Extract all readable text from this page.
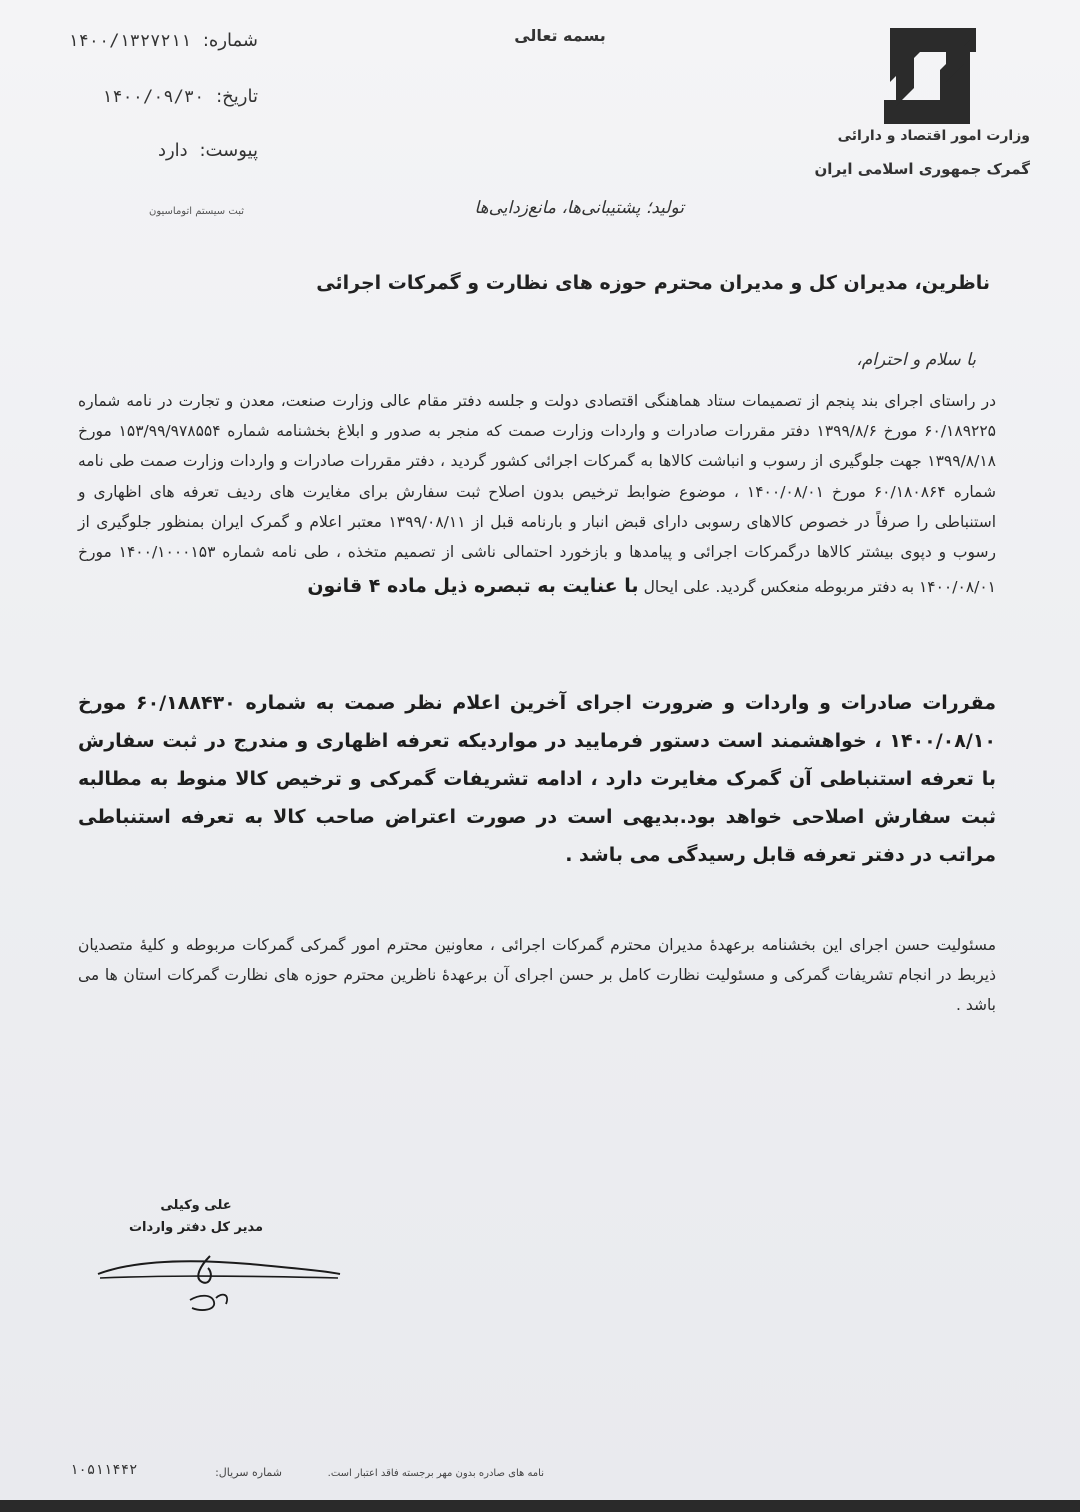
بسمه تعالی
وزارت امور اقتصاد و دارائی
گمرک جمهوری اسلامی ایران
شماره: ۱۴۰۰/۱۳۲۷۲۱۱
تاریخ: ۱۴۰۰/۰۹/۳۰
پیوست: دارد
ثبت سیستم اتوماسیون	تولید؛ پشتیبانی‌ها، مانع‌زدایی‌ها
ناظرین، مدیران کل و مدیران محترم حوزه های نظارت و گمرکات اجرائی
با سلام و احترام،
در راستای اجرای بند پنجم از تصمیمات ستاد هماهنگی اقتصادی دولت و جلسه دفتر مقام عالی وزارت صنعت، معدن و تجارت در نامه شماره ۶۰/۱۸۹۲۲۵ مورخ ۱۳۹۹/۸/۶ دفتر مقررات صادرات و واردات وزارت صمت که منجر به صدور و ابلاغ بخشنامه شماره ۱۵۳/۹۹/۹۷۸۵۵۴ مورخ ۱۳۹۹/۸/۱۸ جهت جلوگیری از رسوب و انباشت کالاها به گمرکات اجرائی کشور گردید ، دفتر مقررات صادرات و واردات وزارت صمت طی نامه شماره ۶۰/۱۸۰۸۶۴ مورخ ۱۴۰۰/۰۸/۰۱ ، موضوع ضوابط ترخیص بدون اصلاح ثبت سفارش برای مغایرت های ردیف تعرفه های اظهاری و استنباطی را صرفاً در خصوص کالاهای رسوبی دارای قبض انبار و بارنامه قبل از ۱۳۹۹/۰۸/۱۱ معتبر اعلام و گمرک ایران بمنظور جلوگیری از رسوب و دپوی بیشتر کالاها درگمرکات اجرائی و پیامدها و بازخورد احتمالی ناشی از تصمیم متخذه ، طی نامه شماره ۱۴۰۰/۱۰۰۰۱۵۳ مورخ ۱۴۰۰/۰۸/۰۱ به دفتر مربوطه منعکس گردید. علی ایحال با عنایت به تبصره ذیل ماده ۴ قانون
مقررات صادرات و واردات و ضرورت اجرای آخرین اعلام نظر صمت به شماره ۶۰/۱۸۸۴۳۰ مورخ ۱۴۰۰/۰۸/۱۰ ، خواهشمند است دستور فرمایید در مواردیکه تعرفه اظهاری و مندرج در ثبت سفارش با تعرفه استنباطی آن گمرک مغایرت دارد ، ادامه تشریفات گمرکی و ترخیص کالا منوط به مطالبه ثبت سفارش اصلاحی خواهد بود.بدیهی است در صورت اعتراض صاحب کالا به تعرفه استنباطی مراتب در دفتر تعرفه قابل رسیدگی می باشد .
مسئولیت حسن اجرای این بخشنامه برعهدهٔ مدیران محترم گمرکات اجرائی ، معاونین محترم امور گمرکی گمرکات مربوطه و کلیهٔ متصدیان ذیربط در انجام تشریفات گمرکی و مسئولیت نظارت کامل بر حسن اجرای آن برعهدهٔ ناظرین محترم حوزه های نظارت گمرکات استان ها می باشد .
علی وکیلی
مدیر کل دفتر واردات
نامه های صادره بدون مهر برجسته فاقد اعتبار است.
شماره سریال:
۱۰۵۱۱۴۴۲
